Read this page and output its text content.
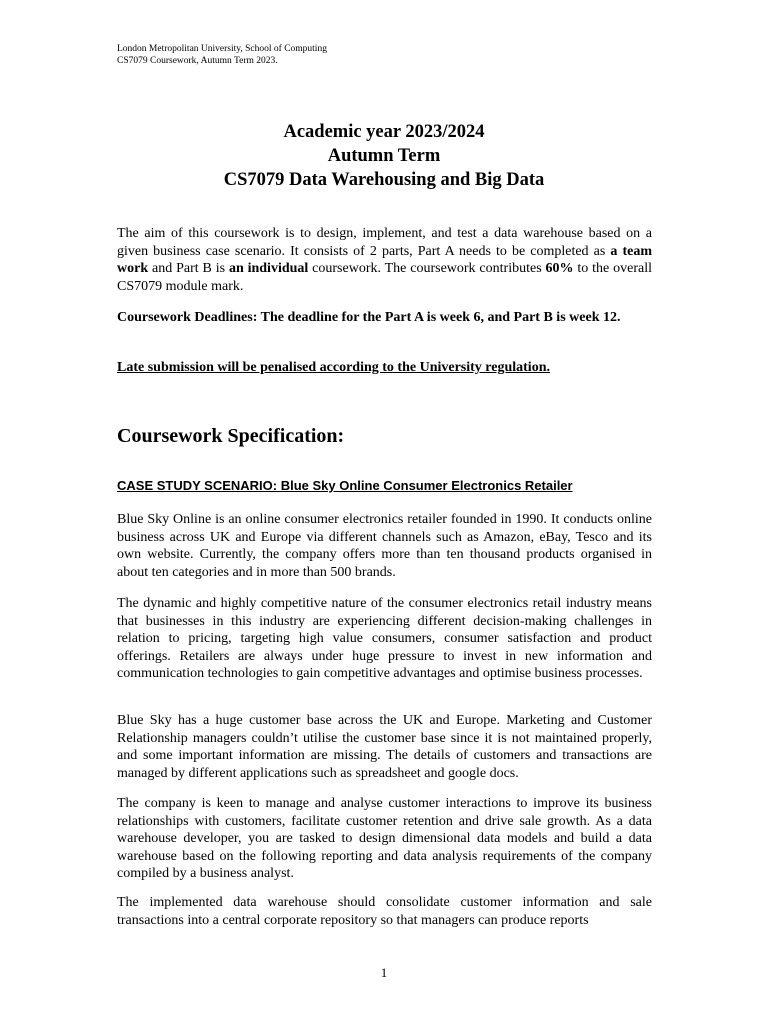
London Metropolitan University, School of Computing
CS7079 Coursework, Autumn Term 2023.
Academic year 2023/2024
Autumn Term
CS7079 Data Warehousing and Big Data

The aim of this coursework is to design, implement, and test a data warehouse based on a given business case scenario. It consists of 2 parts, Part A needs to be completed as a team work and Part B is an individual coursework. The coursework contributes 60% to the overall CS7079 module mark.

Coursework Deadlines: The deadline for the Part A is week 6, and Part B is week 12.

Late submission will be penalised according to the University regulation.
Coursework Specification:
CASE STUDY SCENARIO: Blue Sky Online Consumer Electronics Retailer

Blue Sky Online is an online consumer electronics retailer founded in 1990. It conducts online business across UK and Europe via different channels such as Amazon, eBay, Tesco and its own website. Currently, the company offers more than ten thousand products organised in about ten categories and in more than 500 brands.

The dynamic and highly competitive nature of the consumer electronics retail industry means that businesses in this industry are experiencing different decision-making challenges in relation to pricing, targeting high value consumers, consumer satisfaction and product offerings. Retailers are always under huge pressure to invest in new information and communication technologies to gain competitive advantages and optimise business processes.

Blue Sky has a huge customer base across the UK and Europe. Marketing and Customer Relationship managers couldn’t utilise the customer base since it is not maintained properly, and some important information are missing. The details of customers and transactions are managed by different applications such as spreadsheet and google docs.

The company is keen to manage and analyse customer interactions to improve its business relationships with customers, facilitate customer retention and drive sale growth. As a data warehouse developer, you are tasked to design dimensional data models and build a data warehouse based on the following reporting and data analysis requirements of the company compiled by a business analyst.

The implemented data warehouse should consolidate customer information and sale transactions into a central corporate repository so that managers can produce reports

1
